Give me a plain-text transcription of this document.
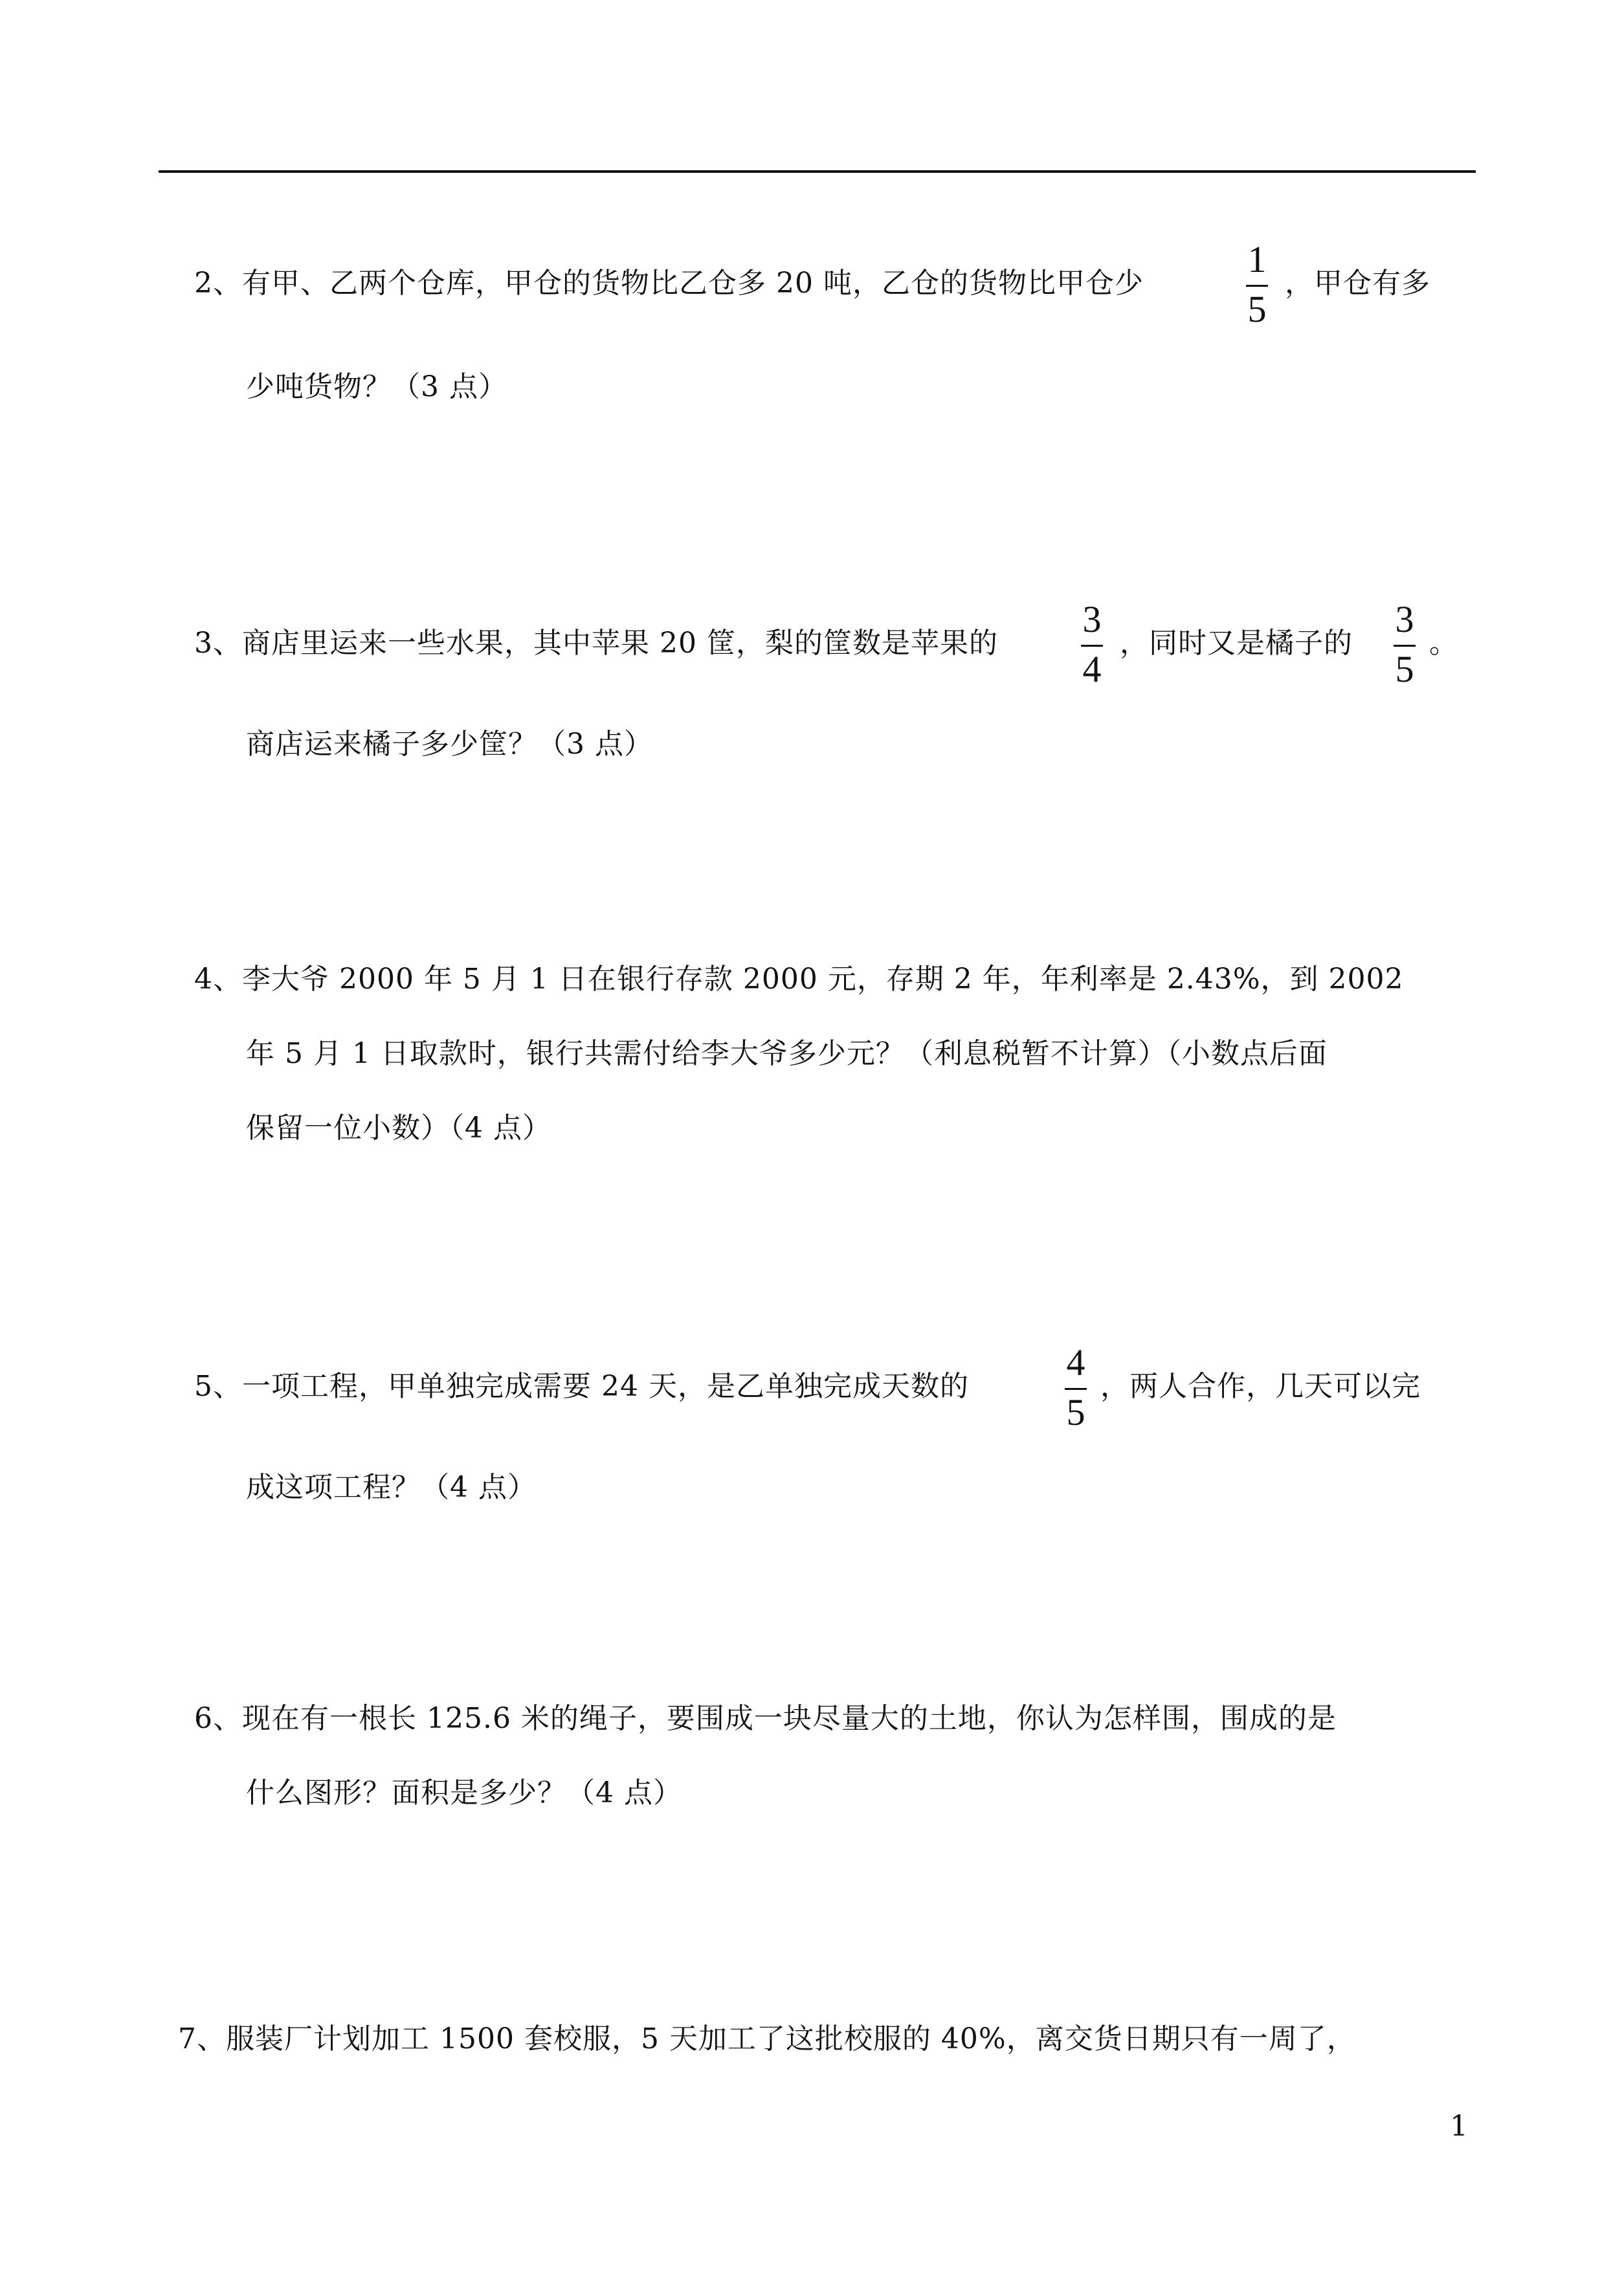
2、有甲、乙两个仓库，甲仓的货物比乙仓多 20 吨，乙仓的货物比甲仓少
1
5
，甲仓有多
少吨货物？（3 点）
3、商店里运来一些水果，其中苹果 20 筐，梨的筐数是苹果的
3
4
，同时又是橘子的
3
5
。
商店运来橘子多少筐？（3 点）
4、李大爷 2000 年 5 月 1 日在银行存款 2000 元，存期 2 年，年利率是 2.43%，到 2002
年 5 月 1 日取款时，银行共需付给李大爷多少元？（利息税暂不计算）（小数点后面
保留一位小数）（4 点）
5、一项工程，甲单独完成需要 24 天，是乙单独完成天数的
4
5
，两人合作，几天可以完
成这项工程？（4 点）
6、现在有一根长 125.6 米的绳子，要围成一块尽量大的土地，你认为怎样围，围成的是
什么图形？面积是多少？（4 点）
7、服装厂计划加工 1500 套校服，5 天加工了这批校服的 40%，离交货日期只有一周了，
1
